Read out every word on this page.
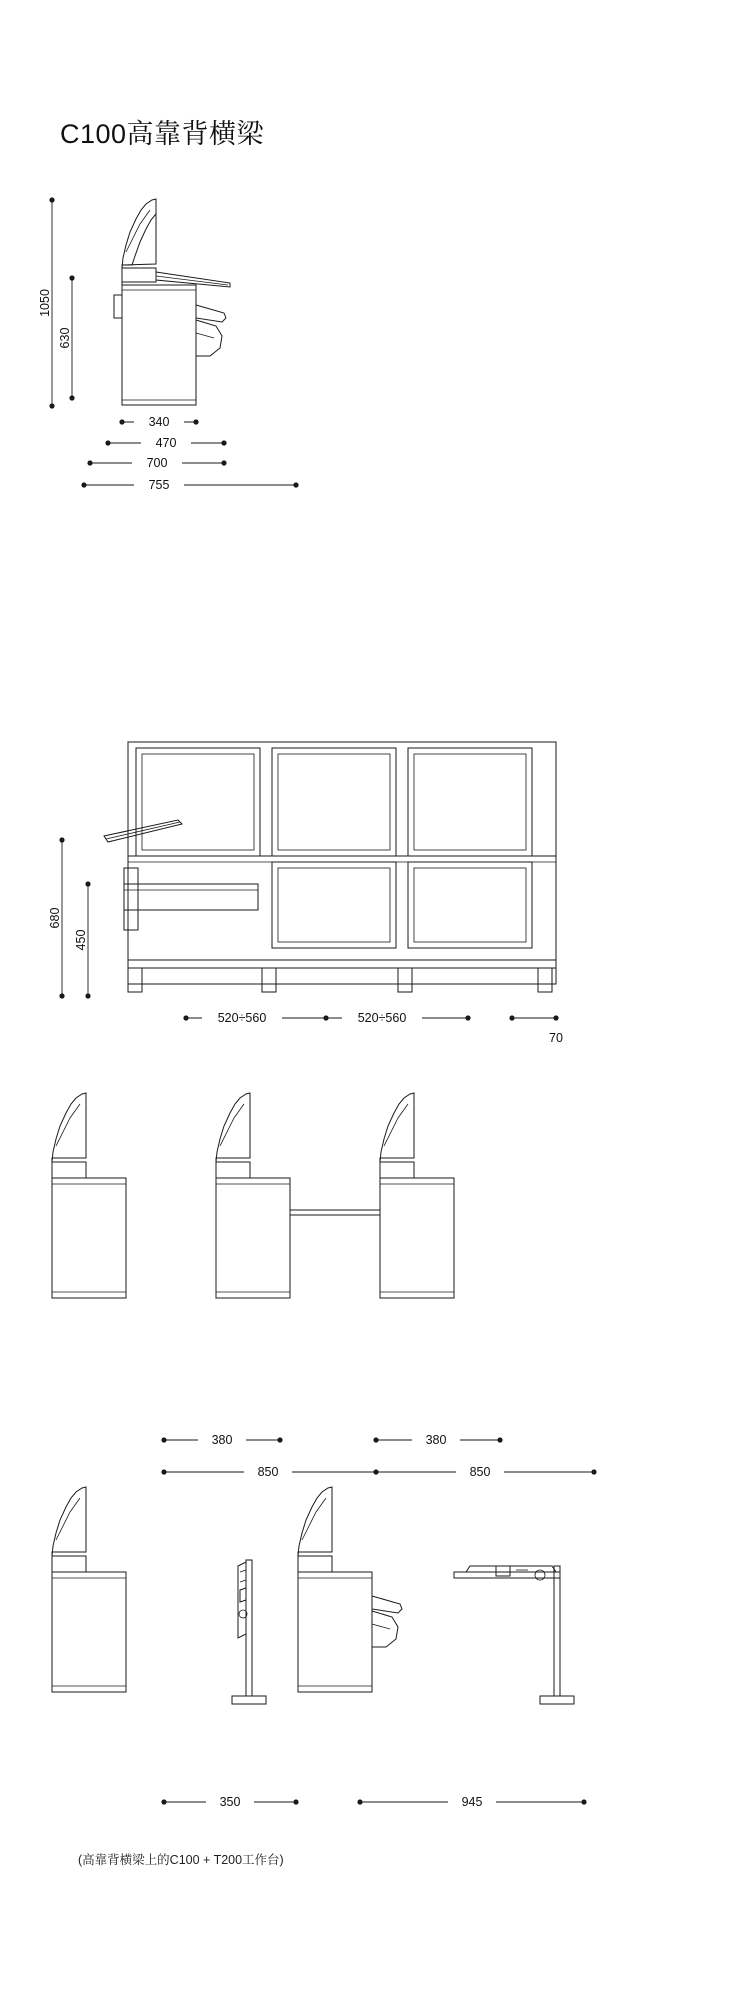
C100高靠背横梁
1050
630
340
470
700
755
680
450
520÷560	520÷560
70
380	380
850	850
350	945
(高靠背横梁上的C100 + T200工作台)
